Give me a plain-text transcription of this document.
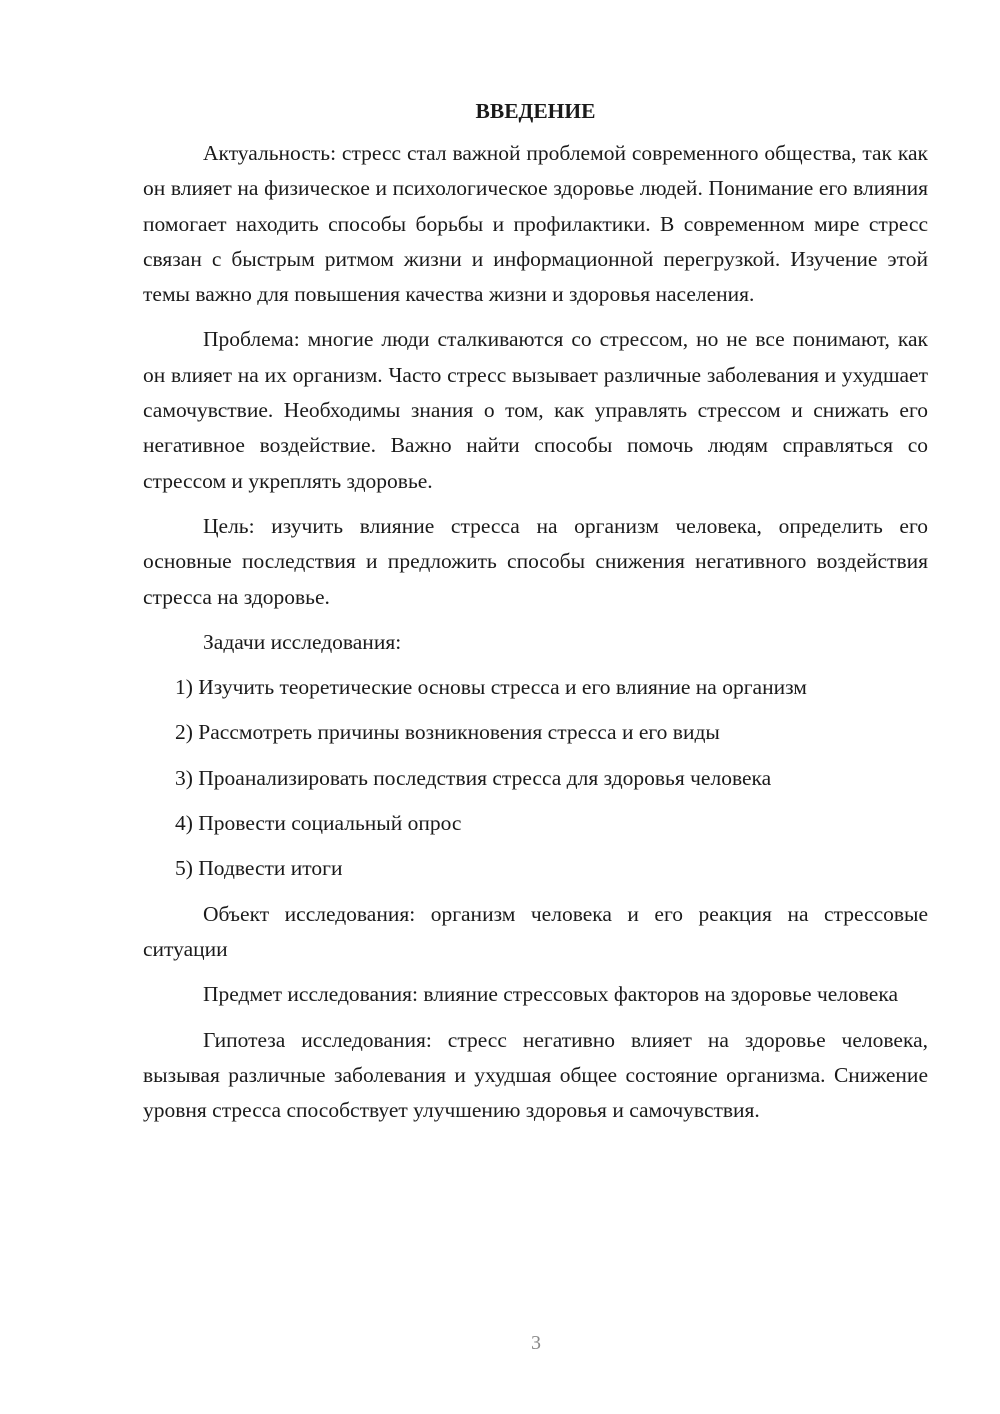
ВВЕДЕНИЕ

Актуальность: стресс стал важной проблемой современного общества, так как он влияет на физическое и психологическое здоровье людей. Понимание его влияния помогает находить способы борьбы и профилактики. В современном мире стресс связан с быстрым ритмом жизни и информационной перегрузкой. Изучение этой темы важно для повышения качества жизни и здоровья населения.

Проблема: многие люди сталкиваются со стрессом, но не все понимают, как он влияет на их организм. Часто стресс вызывает различные заболевания и ухудшает самочувствие. Необходимы знания о том, как управлять стрессом и снижать его негативное воздействие. Важно найти способы помочь людям справляться со стрессом и укреплять здоровье.

Цель: изучить влияние стресса на организм человека, определить его основные последствия и предложить способы снижения негативного воздействия стресса на здоровье.

Задачи исследования:

1) Изучить теоретические основы стресса и его влияние на организм
2) Рассмотреть причины возникновения стресса и его виды
3) Проанализировать последствия стресса для здоровья человека
4) Провести социальный опрос
5) Подвести итоги

Объект исследования: организм человека и его реакция на стрессовые ситуации

Предмет исследования: влияние стрессовых факторов на здоровье человека

Гипотеза исследования: стресс негативно влияет на здоровье человека, вызывая различные заболевания и ухудшая общее состояние организма. Снижение уровня стресса способствует улучшению здоровья и самочувствия.

3
